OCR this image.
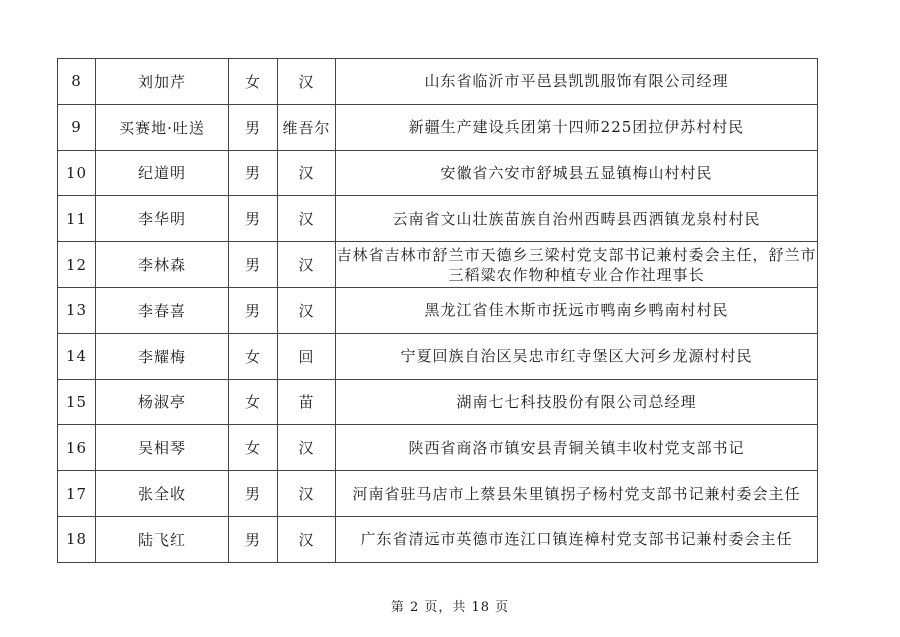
8	刘加芹	女	汉	山东省临沂市平邑县凯凯服饰有限公司经理
9	买赛地·吐送	男	维吾尔	新疆生产建设兵团第十四师225团拉伊苏村村民
10	纪道明	男	汉	安徽省六安市舒城县五显镇梅山村村民
11	李华明	男	汉	云南省文山壮族苗族自治州西畴县西洒镇龙泉村村民
12	李林森	男	汉	吉林省吉林市舒兰市天德乡三梁村党支部书记兼村委会主任，舒兰市三稻粱农作物种植专业合作社理事长
13	李春喜	男	汉	黑龙江省佳木斯市抚远市鸭南乡鸭南村村民
14	李耀梅	女	回	宁夏回族自治区吴忠市红寺堡区大河乡龙源村村民
15	杨淑亭	女	苗	湖南七七科技股份有限公司总经理
16	吴相琴	女	汉	陕西省商洛市镇安县青铜关镇丰收村党支部书记
17	张全收	男	汉	河南省驻马店市上蔡县朱里镇拐子杨村党支部书记兼村委会主任
18	陆飞红	男	汉	广东省清远市英德市连江口镇连樟村党支部书记兼村委会主任
第 2 页，共 18 页
